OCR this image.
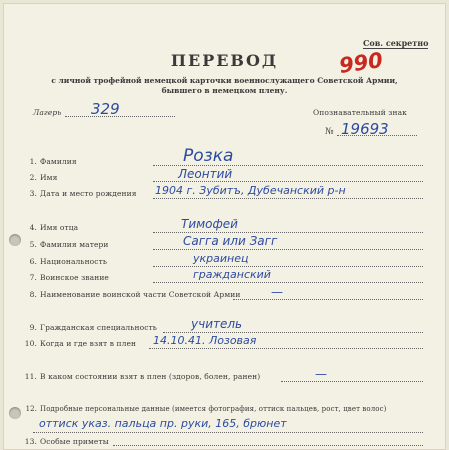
Сов. секретно
990
ПЕРЕВОД
с личной трофейной немецкой карточки военнослужащего Советской Армии,
бывшего в немецком плену.
Лагерь 329	Опознавательный знак
№ 19693
1. Фамилия	Розка
2. Имя	Леонтий
3. Дата и место рождения 1904 г. Зубитъ, Дубечанский р-н
4. Имя отца	Тимофей
5. Фамилия матери	Сагга или Загг
6. Национальность	украинец
7. Воинское звание	гражданский
8. Наименование воинской части Советской Армии	—
9. Гражданская специальность	учитель
10. Когда и где взят в плен 14.10.41. Лозовая
11. В каком состоянии взят в плен (здоров, болен, ранен)	—
12. Подробные персональные данные (имеется фотография, оттиск пальцев, рост, цвет волос)
оттиск указ. пальца пр. руки, 165, брюнет
13. Особые приметы
